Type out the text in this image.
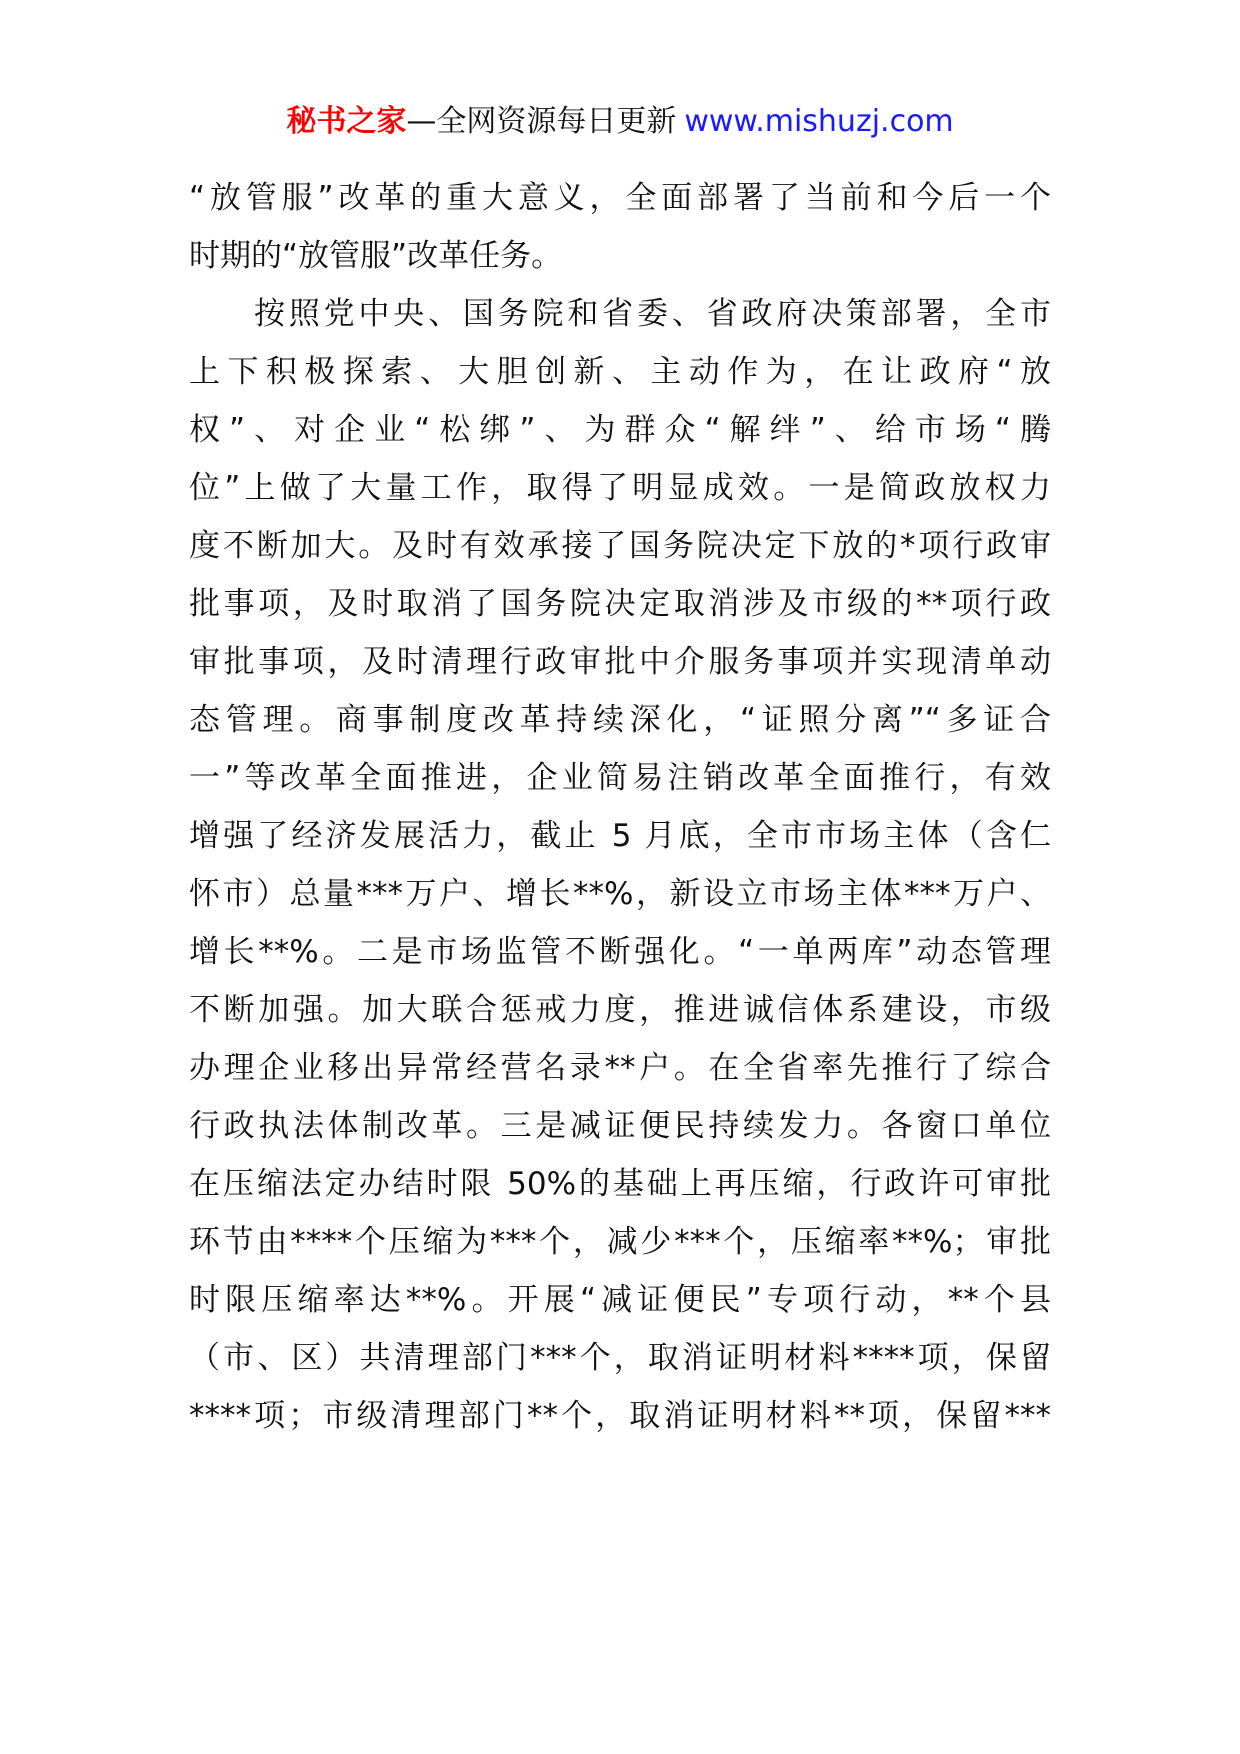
秘书之家—全网资源每日更新 www.mishuzj.com
“放管服”改革的重大意义，全面部署了当前和今后一个
时期的“放管服”改革任务。
按照党中央、国务院和省委、省政府决策部署，全市
上下积极探索、大胆创新、主动作为，在让政府“放
权”、对企业“松绑”、为群众“解绊”、给市场“腾
位”上做了大量工作，取得了明显成效。一是简政放权力
度不断加大。及时有效承接了国务院决定下放的*项行政审
批事项，及时取消了国务院决定取消涉及市级的**项行政
审批事项，及时清理行政审批中介服务事项并实现清单动
态管理。商事制度改革持续深化，“证照分离”“多证合
一”等改革全面推进，企业简易注销改革全面推行，有效
增强了经济发展活力，截止 5 月底，全市市场主体（含仁
怀市）总量***万户、增长**%，新设立市场主体***万户、
增长**%。二是市场监管不断强化。“一单两库”动态管理
不断加强。加大联合惩戒力度，推进诚信体系建设，市级
办理企业移出异常经营名录**户。在全省率先推行了综合
行政执法体制改革。三是减证便民持续发力。各窗口单位
在压缩法定办结时限 50%的基础上再压缩，行政许可审批
环节由****个压缩为***个，减少***个，压缩率**%；审批
时限压缩率达**%。开展“减证便民”专项行动，**个县
（市、区）共清理部门***个，取消证明材料****项，保留
****项；市级清理部门**个，取消证明材料**项，保留***
